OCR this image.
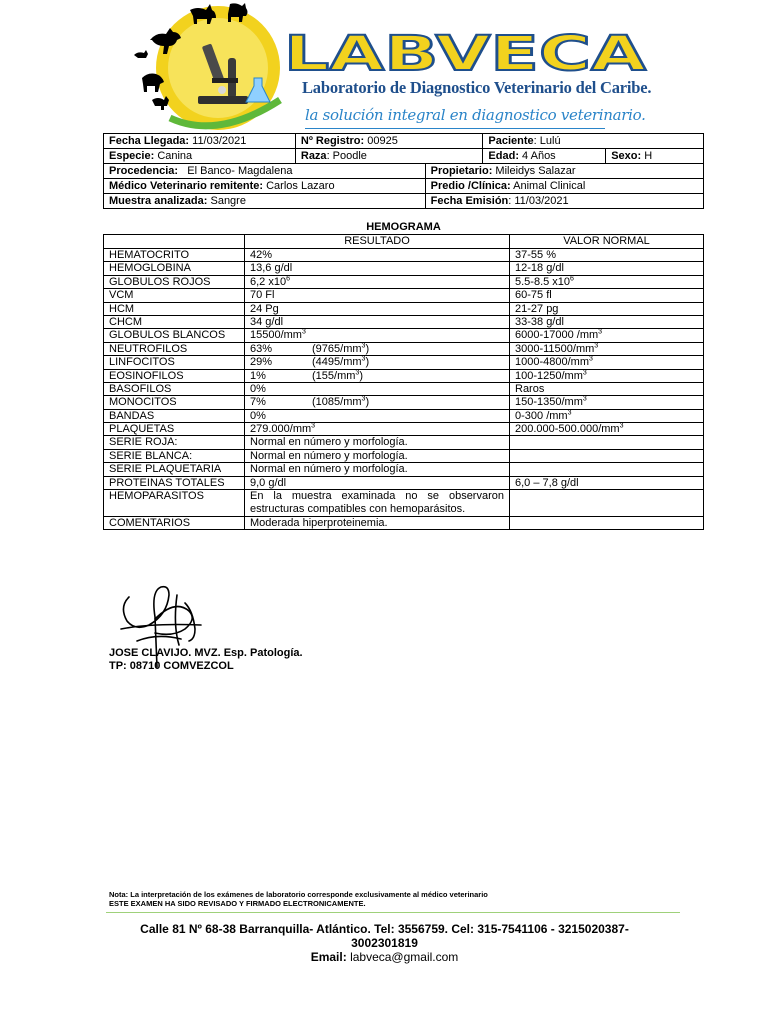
LABVECA
Laboratorio de Diagnostico Veterinario del Caribe.
la solución integral en diagnostico veterinario.
Fecha Llegada: 11/03/2021	Nº Registro: 00925		Paciente: Lulú	
Especie: Canina	Raza: Poodle		Edad: 4 Años	Sexo: H
Procedencia: El Banco- Magdalena		Propietario: Mileidys Salazar		
Médico Veterinario remitente: Carlos Lazaro		Predio /Clínica: Animal Clinical		
Muestra analizada: Sangre		Fecha Emisión: 11/03/2021		
HEMOGRAMA
	RESULTADO	VALOR NORMAL
HEMATOCRITO	42%	37-55 %
HEMOGLOBINA	13,6 g/dl	12-18 g/dl
GLOBULOS ROJOS	6,2 $x10^6$	5.5-8.5 $x10^6$
VCM	70 Fl	60-75 fl
HCM	24 Pg	21-27 pg
CHCM	34 g/dl	33-38 g/dl
GLOBULOS BLANCOS	$15500/mm^3$	6000-17000 $/mm^3$
NEUTROFILOS	63% $(9765/mm^3)$	$3000-11500/mm^3$
LINFOCITOS	29% $(4495/mm^3)$	$1000-4800/mm^3$
EOSINOFILOS	1% $(155/mm^3)$	$100-1250/mm^3$
BASOFILOS	0%	Raros
MONOCITOS	7% $(1085/mm^3)$	$150-1350/mm^3$
BANDAS	0%	0-300 $/mm^3$
PLAQUETAS	$279.000/mm^3$	$200.000-500.000/mm^3$
SERIE ROJA:	Normal en número y morfología.	
SERIE BLANCA:	Normal en número y morfología.	
SERIE PLAQUETARIA	Normal en número y morfología.	
PROTEINAS TOTALES	9,0 g/dl	6,0 – 7,8 g/dl
HEMOPARASITOS	En la muestra examinada no se observaron estructuras compatibles con hemoparásitos.	
COMENTARIOS	Moderada hiperproteinemia.	
JOSE CLAVIJO. MVZ. Esp. Patología.
TP: 08710 COMVEZCOL
Nota: La interpretación de los exámenes de laboratorio corresponde exclusivamente al médico veterinario
ESTE EXAMEN HA SIDO REVISADO Y FIRMADO ELECTRONICAMENTE.
Calle 81 Nº 68-38 Barranquilla- Atlántico. Tel: 3556759. Cel: 315-7541106 - 3215020387-3002301819
Email: labveca@gmail.com
